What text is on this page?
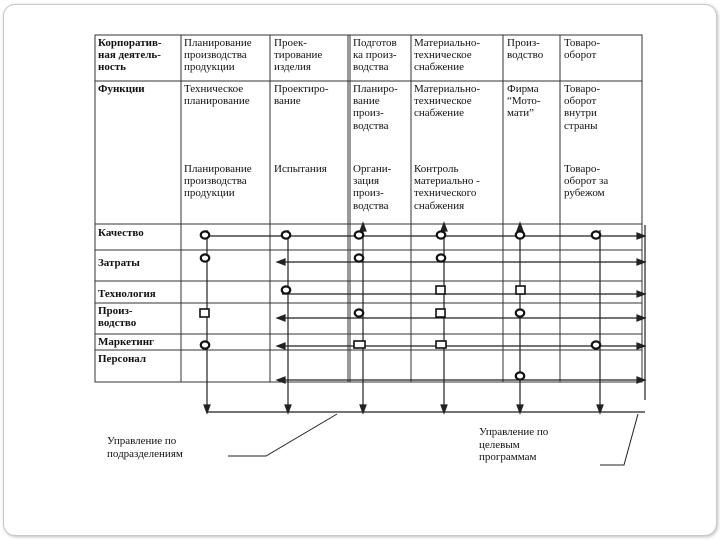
Корпоратив-
ная деятель-
ность
Планирование
производства
продукции
Проек-
тирование
изделия
Подготов
ка произ-
водства
Материально-
техническое
снабжение
Произ-
водство
Товаро-
оборот
Функции	Техническое
планирование
Проектиро-
вание
Планиро-
вание
произ-
водства
Материально-
техническое
снабжение
Фирма
“Мото-
мати”
Товаро-
оборот
внутри
страны
Планирование
производства
продукции
Испытания Органи-
зация
произ-
водства
Контроль
материально -
технического
снабжения
Товаро-
оборот за
рубежом
Качество
Затраты
Технология
Произ-
водство
Маркетинг
Персонал
Управление по
подразделениям
Управление по
целевым
программам
